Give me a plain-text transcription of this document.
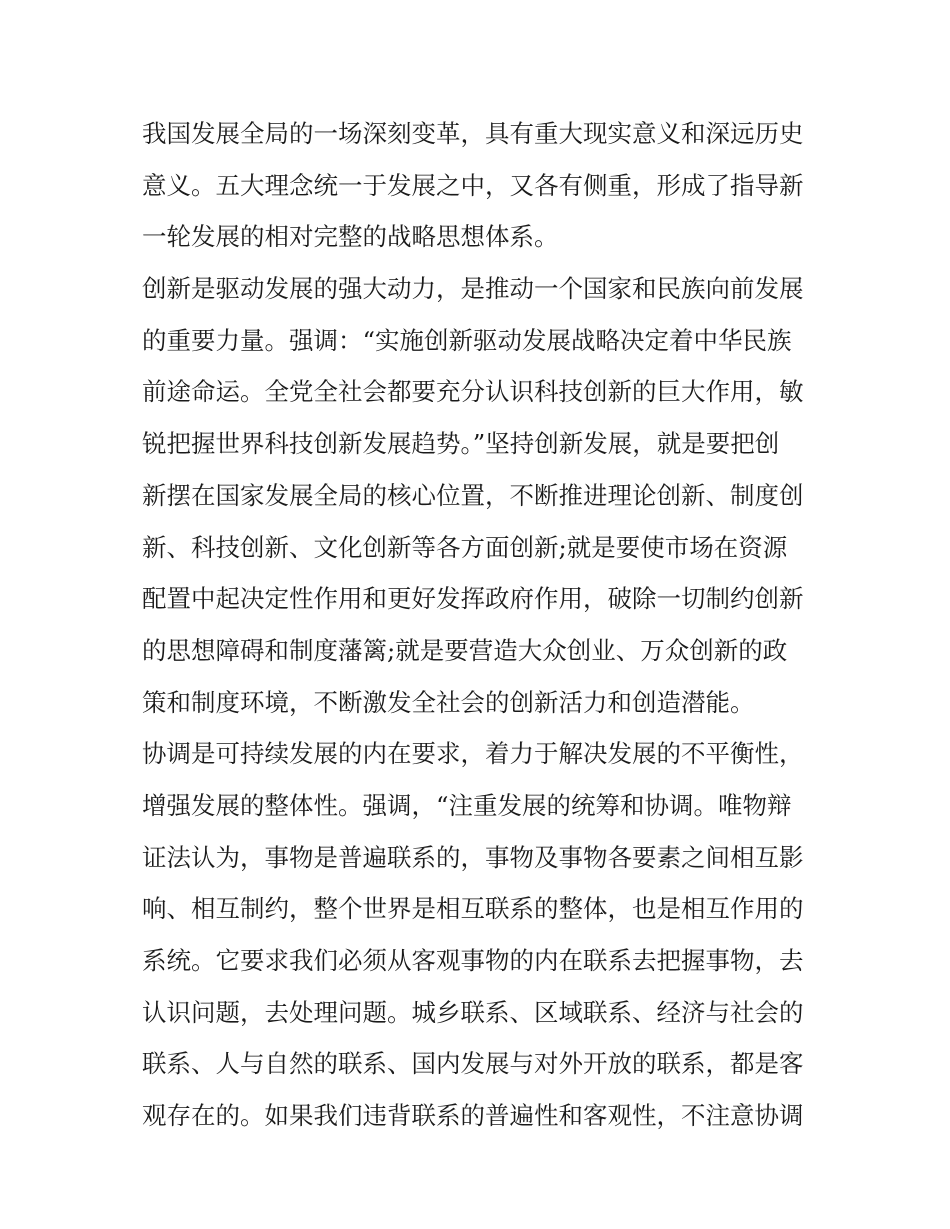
我国发展全局的一场深刻变革，具有重大现实意义和深远历史
意义。五大理念统一于发展之中，又各有侧重，形成了指导新
一轮发展的相对完整的战略思想体系。
创新是驱动发展的强大动力，是推动一个国家和民族向前发展
的重要力量。强调：“实施创新驱动发展战略决定着中华民族
前途命运。全党全社会都要充分认识科技创新的巨大作用，敏
锐把握世界科技创新发展趋势。”坚持创新发展，就是要把创
新摆在国家发展全局的核心位置，不断推进理论创新、制度创
新、科技创新、文化创新等各方面创新;就是要使市场在资源
配置中起决定性作用和更好发挥政府作用，破除一切制约创新
的思想障碍和制度藩篱;就是要营造大众创业、万众创新的政
策和制度环境，不断激发全社会的创新活力和创造潜能。
协调是可持续发展的内在要求，着力于解决发展的不平衡性，
增强发展的整体性。强调，“注重发展的统筹和协调。唯物辩
证法认为，事物是普遍联系的，事物及事物各要素之间相互影
响、相互制约，整个世界是相互联系的整体，也是相互作用的
系统。它要求我们必须从客观事物的内在联系去把握事物，去
认识问题，去处理问题。城乡联系、区域联系、经济与社会的
联系、人与自然的联系、国内发展与对外开放的联系，都是客
观存在的。如果我们违背联系的普遍性和客观性，不注意协调
